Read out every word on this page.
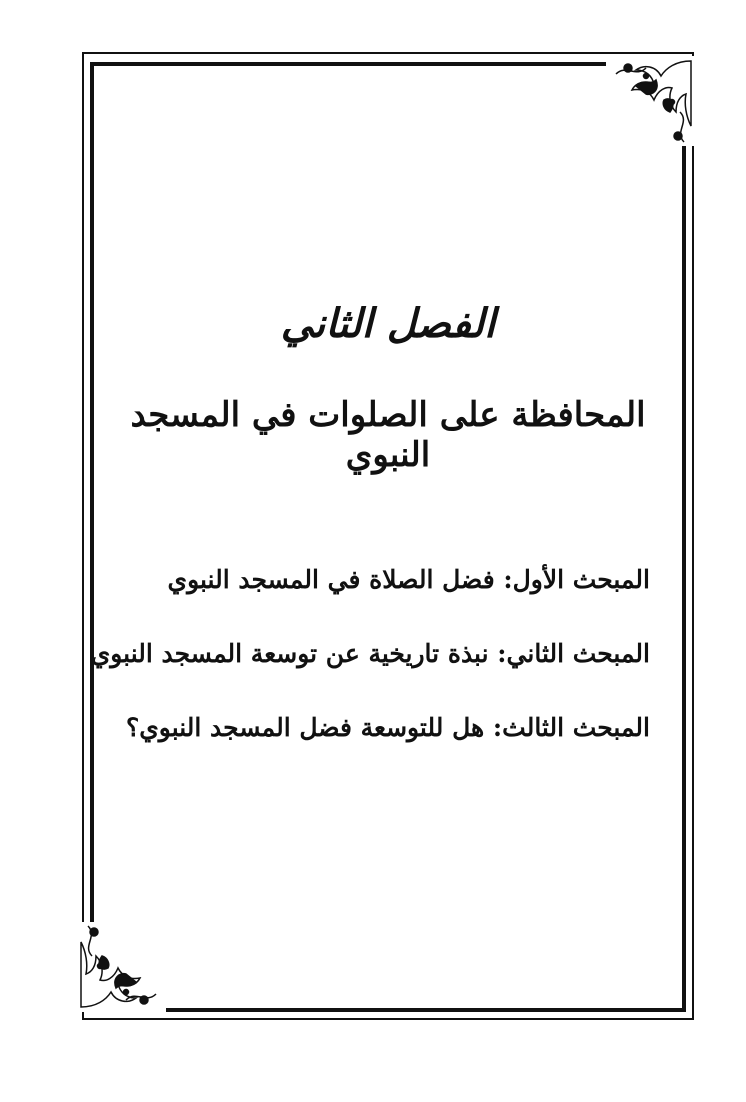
الفصل الثاني
المحافظة على الصلوات في المسجد النبوي
المبحث الأول: فضل الصلاة في المسجد النبوي
المبحث الثاني: نبذة تاريخية عن توسعة المسجد النبوي
المبحث الثالث: هل للتوسعة فضل المسجد النبوي؟
